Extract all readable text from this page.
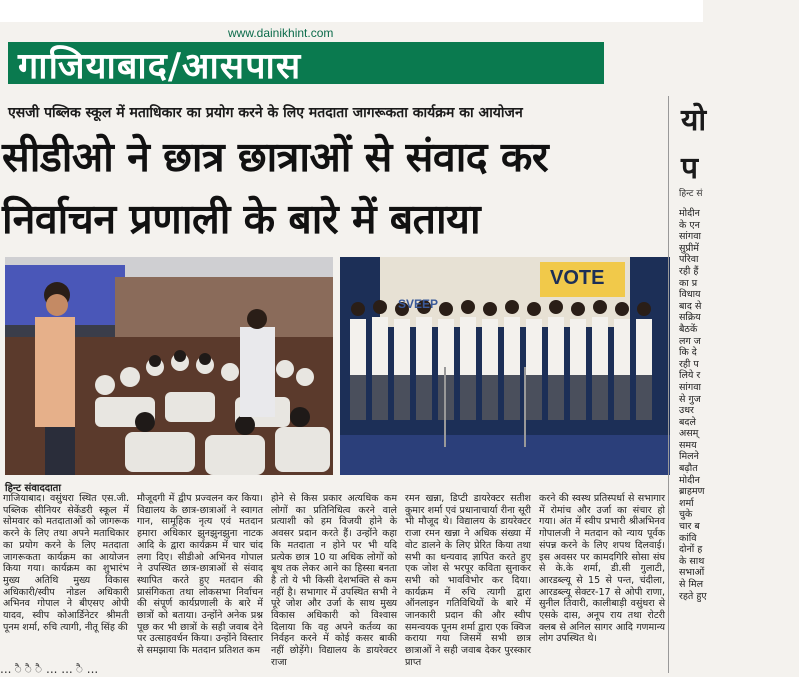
www.dainikhint.com
गाजियाबाद/आसपास
एसजी पब्लिक स्कूल में मताधिकार का प्रयोग करने के लिए मतदाता जागरूकता कार्यक्रम का आयोजन
सीडीओ ने छात्र छात्राओं से संवाद कर
निर्वाचन प्रणाली के बारे में बताया
VOTE
SVEEP
हिन्ट संवाददाता

गाजियाबाद। वसुंधरा स्थित एस.जी. पब्लिक सीनियर सेकेंडरी स्कूल में सोमवार को मतदाताओं को जागरूक करने के लिए तथा अपने मताधिकार का प्रयोग करने के लिए मतदाता जागरूकता कार्यक्रम का आयोजन किया गया। कार्यक्रम का शुभारंभ मुख्य अतिथि मुख्य विकास अधिकारी/स्वीप नोडल अधिकारी अभिनव गोपाल ने बीएसए ओपी यादव, स्वीप कोआर्डिनेटर श्रीमती पूनम शर्मा, रुचि त्यागी, नीतू सिंह की

मौजूदगी में द्वीप प्रज्वलन कर किया। विद्यालय के छात्र-छात्राओं ने स्वागत गान, सामूहिक नृत्य एवं मतदान हमारा अधिकार झुनझुनझुना नाटक आदि के द्वारा कार्यक्रम में चार चांद लगा दिए। सीडीओ अभिनव गोपाल ने उपस्थित छात्र-छात्राओं से संवाद स्थापित करते हुए मतदान की प्रासंगिकता तथा लोकसभा निर्वाचन की संपूर्ण कार्यप्रणाली के बारे में छात्रों को बताया। उन्होंने अनेक प्रश्न पूछ कर भी छात्रों के सही जवाब देने पर उत्साहवर्धन किया। उन्होंने विस्तार से समझाया कि मतदान प्रतिशत कम

होने से किस प्रकार अत्यधिक कम लोगों का प्रतिनिधित्व करने वाले प्रत्याशी को हम विजयी होने के अवसर प्रदान करते हैं। उन्होंने कहा कि मतदाता न होने पर भी यदि प्रत्येक छात्र 10 या अधिक लोगों को बूथ तक लेकर आने का हिस्सा बनता है तो ये भी किसी देशभक्ति से कम नहीं है। सभागार में उपस्थित सभी ने पूरे जोश और उर्जा के साथ मुख्य विकास अधिकारी को विश्वास दिलाया कि वह अपने कर्तव्य का निर्वहन करने में कोई कसर बाकी नहीं छोड़ेंगे। विद्यालय के डायरेक्टर राजा

रमन खन्ना, डिप्टी डायरेक्टर सतीश कुमार शर्मा एवं प्रधानाचार्या रीना सूरी भी मौजूद थे। विद्यालय के डायरेक्टर राजा रमन खन्ना ने अधिक संख्या में वोट डालने के लिए प्रेरित किया तथा सभी का धन्यवाद ज्ञापित करते हुए एक जोश से भरपूर कविता सुनाकर सभी को भावविभोर कर दिया। कार्यक्रम में रुचि त्यागी द्वारा ऑनलाइन गतिविधियों के बारे में जानकारी प्रदान की और स्वीप समन्वयक पूनम शर्मा द्वारा एक क्विज कराया गया जिसमें सभी छात्र छात्राओं ने सही जवाब देकर पुरस्कार प्राप्त

करने की स्वस्थ प्रतिस्पर्धा से सभागार में रोमांच और उर्जा का संचार हो गया। अंत में स्वीप प्रभारी श्रीअभिनव गोपालजी ने मतदान को न्याय पूर्वक संपन्न करने के लिए शपथ दिलवाई। इस अवसर पर कामदगिरि सोसा संघ से के.के शर्मा, डी.सी गुलाटी, आरडब्ल्यू से 15 से पन्त, चंदीला, आरडब्ल्यू सेक्टर-17 से ओपी राणा, सुनील तिवारी, कालीबाड़ी वसुंधरा से एसके दास, अनूप राय तथा रोटरी क्लब से अनिल सागर आदि गणमान्य लोग उपस्थित थे।

यो
प
हिन्ट सं
मोदीन
के एन
सांगवा
सुप्रीमें
परिवा
रही हैं
का प्र
विधाय
बाद से
सक्रिय
बैठकें
लग ज
कि दे
रही प
लिये र
सांगवा
से गुज
उधर
बदले
असम्
समय
मिलने
बढ़ौत
मोदीन
ब्राहमण
शर्मा
चुके
चार ब
कांवि
दोनों ह
के साथ
सभाओं
से मिल
रहते हुए
... ै ै ै ... ... ै ...
